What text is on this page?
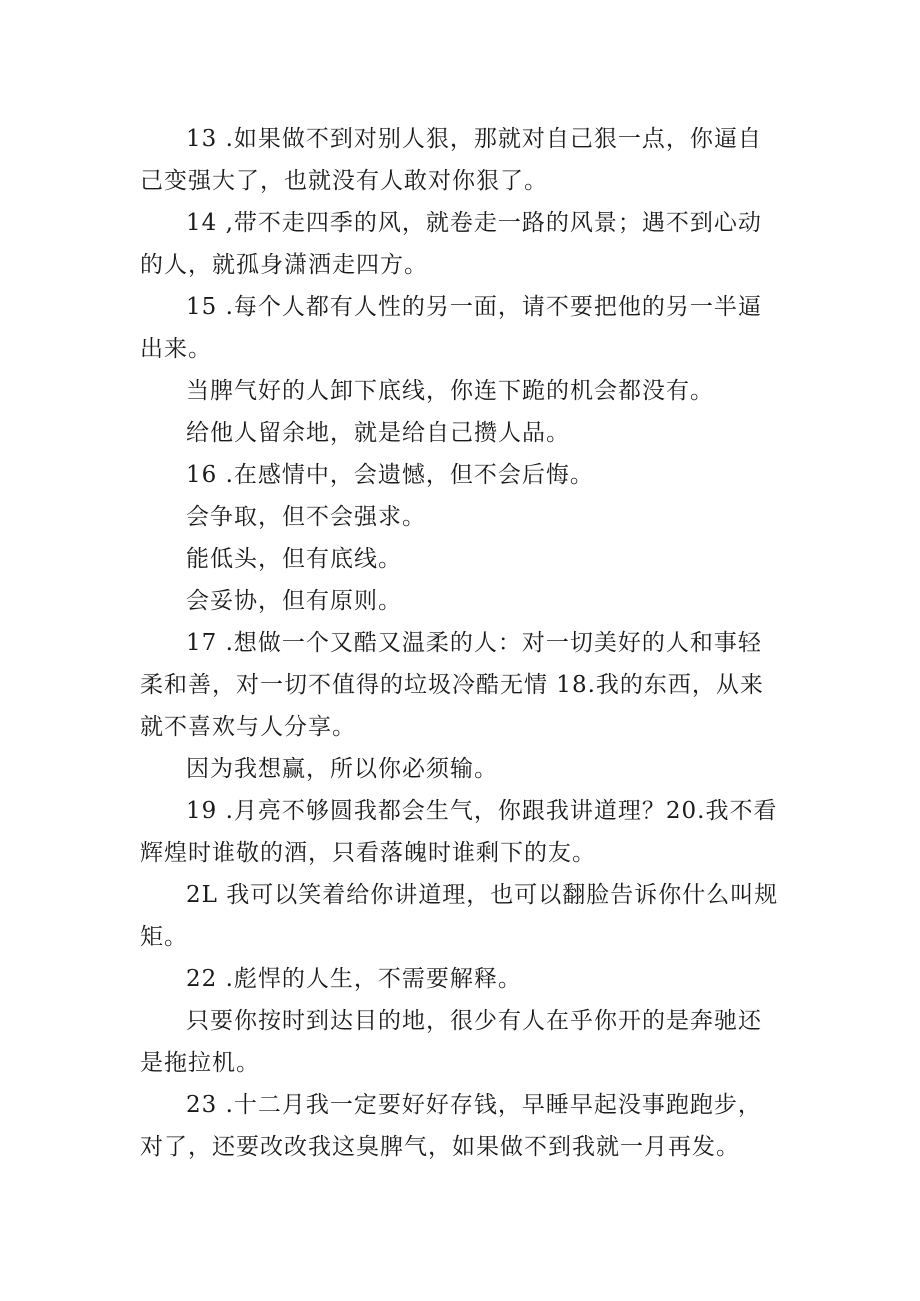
13 .如果做不到对别人狠，那就对自己狠一点，你逼自己变强大了，也就没有人敢对你狠了。

14 ,带不走四季的风，就卷走一路的风景；遇不到心动的人，就孤身潇洒走四方。

15 .每个人都有人性的另一面，请不要把他的另一半逼出来。

当脾气好的人卸下底线，你连下跪的机会都没有。

给他人留余地，就是给自己攒人品。

16 .在感情中，会遗憾，但不会后悔。

会争取，但不会强求。

能低头，但有底线。

会妥协，但有原则。

17 .想做一个又酷又温柔的人：对一切美好的人和事轻柔和善，对一切不值得的垃圾冷酷无情 18.我的东西，从来就不喜欢与人分享。

因为我想赢，所以你必须输。

19 .月亮不够圆我都会生气，你跟我讲道理？20.我不看辉煌时谁敬的酒，只看落魄时谁剩下的友。

2L 我可以笑着给你讲道理，也可以翻脸告诉你什么叫规矩。

22 .彪悍的人生，不需要解释。

只要你按时到达目的地，很少有人在乎你开的是奔驰还是拖拉机。

23 .十二月我一定要好好存钱，早睡早起没事跑跑步，对了，还要改改我这臭脾气，如果做不到我就一月再发。
